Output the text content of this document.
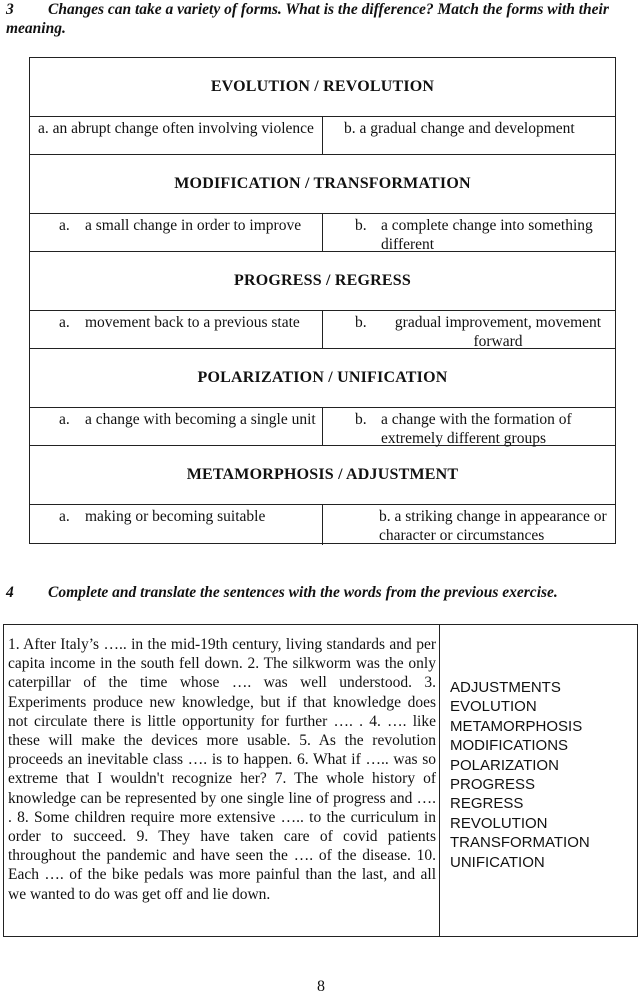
3 Changes can take a variety of forms. What is the difference? Match the forms with their meaning.
EVOLUTION / REVOLUTION
a. an abrupt change often involving violence	b. a gradual change and development
MODIFICATION / TRANSFORMATION
a. a small change in order to improve	b. a complete change into something different
PROGRESS / REGRESS
a. movement back to a previous state	b.	gradual improvement, movement forward
POLARIZATION / UNIFICATION
a. a change with becoming a single unit	b. a change with the formation of extremely different groups
METAMORPHOSIS / ADJUSTMENT
a. making or becoming suitable	b. a striking change in appearance or character or circumstances
4 Complete and translate the sentences with the words from the previous exercise.
1. After Italy’s ….. in the mid-19th century, living standards and per capita income in the south fell down. 2. The silkworm was the only caterpillar of the time whose …. was well understood. 3. Experiments produce new knowledge, but if that knowledge does not circulate there is little opportunity for further …. . 4. …. like these will make the devices more usable. 5. As the revolution proceeds an inevitable class …. is to happen. 6. What if ….. was so extreme that I wouldn't recognize her? 7. The whole history of knowledge can be represented by one single line of progress and …. . 8. Some children require more extensive ….. to the curriculum in order to succeed. 9. They have taken care of covid patients throughout the pandemic and have seen the …. of the disease. 10. Each …. of the bike pedals was more painful than the last, and all we wanted to do was get off and lie down.
ADJUSTMENTS
EVOLUTION
METAMORPHOSIS
MODIFICATIONS
POLARIZATION
PROGRESS
REGRESS
REVOLUTION
TRANSFORMATION
UNIFICATION
8
